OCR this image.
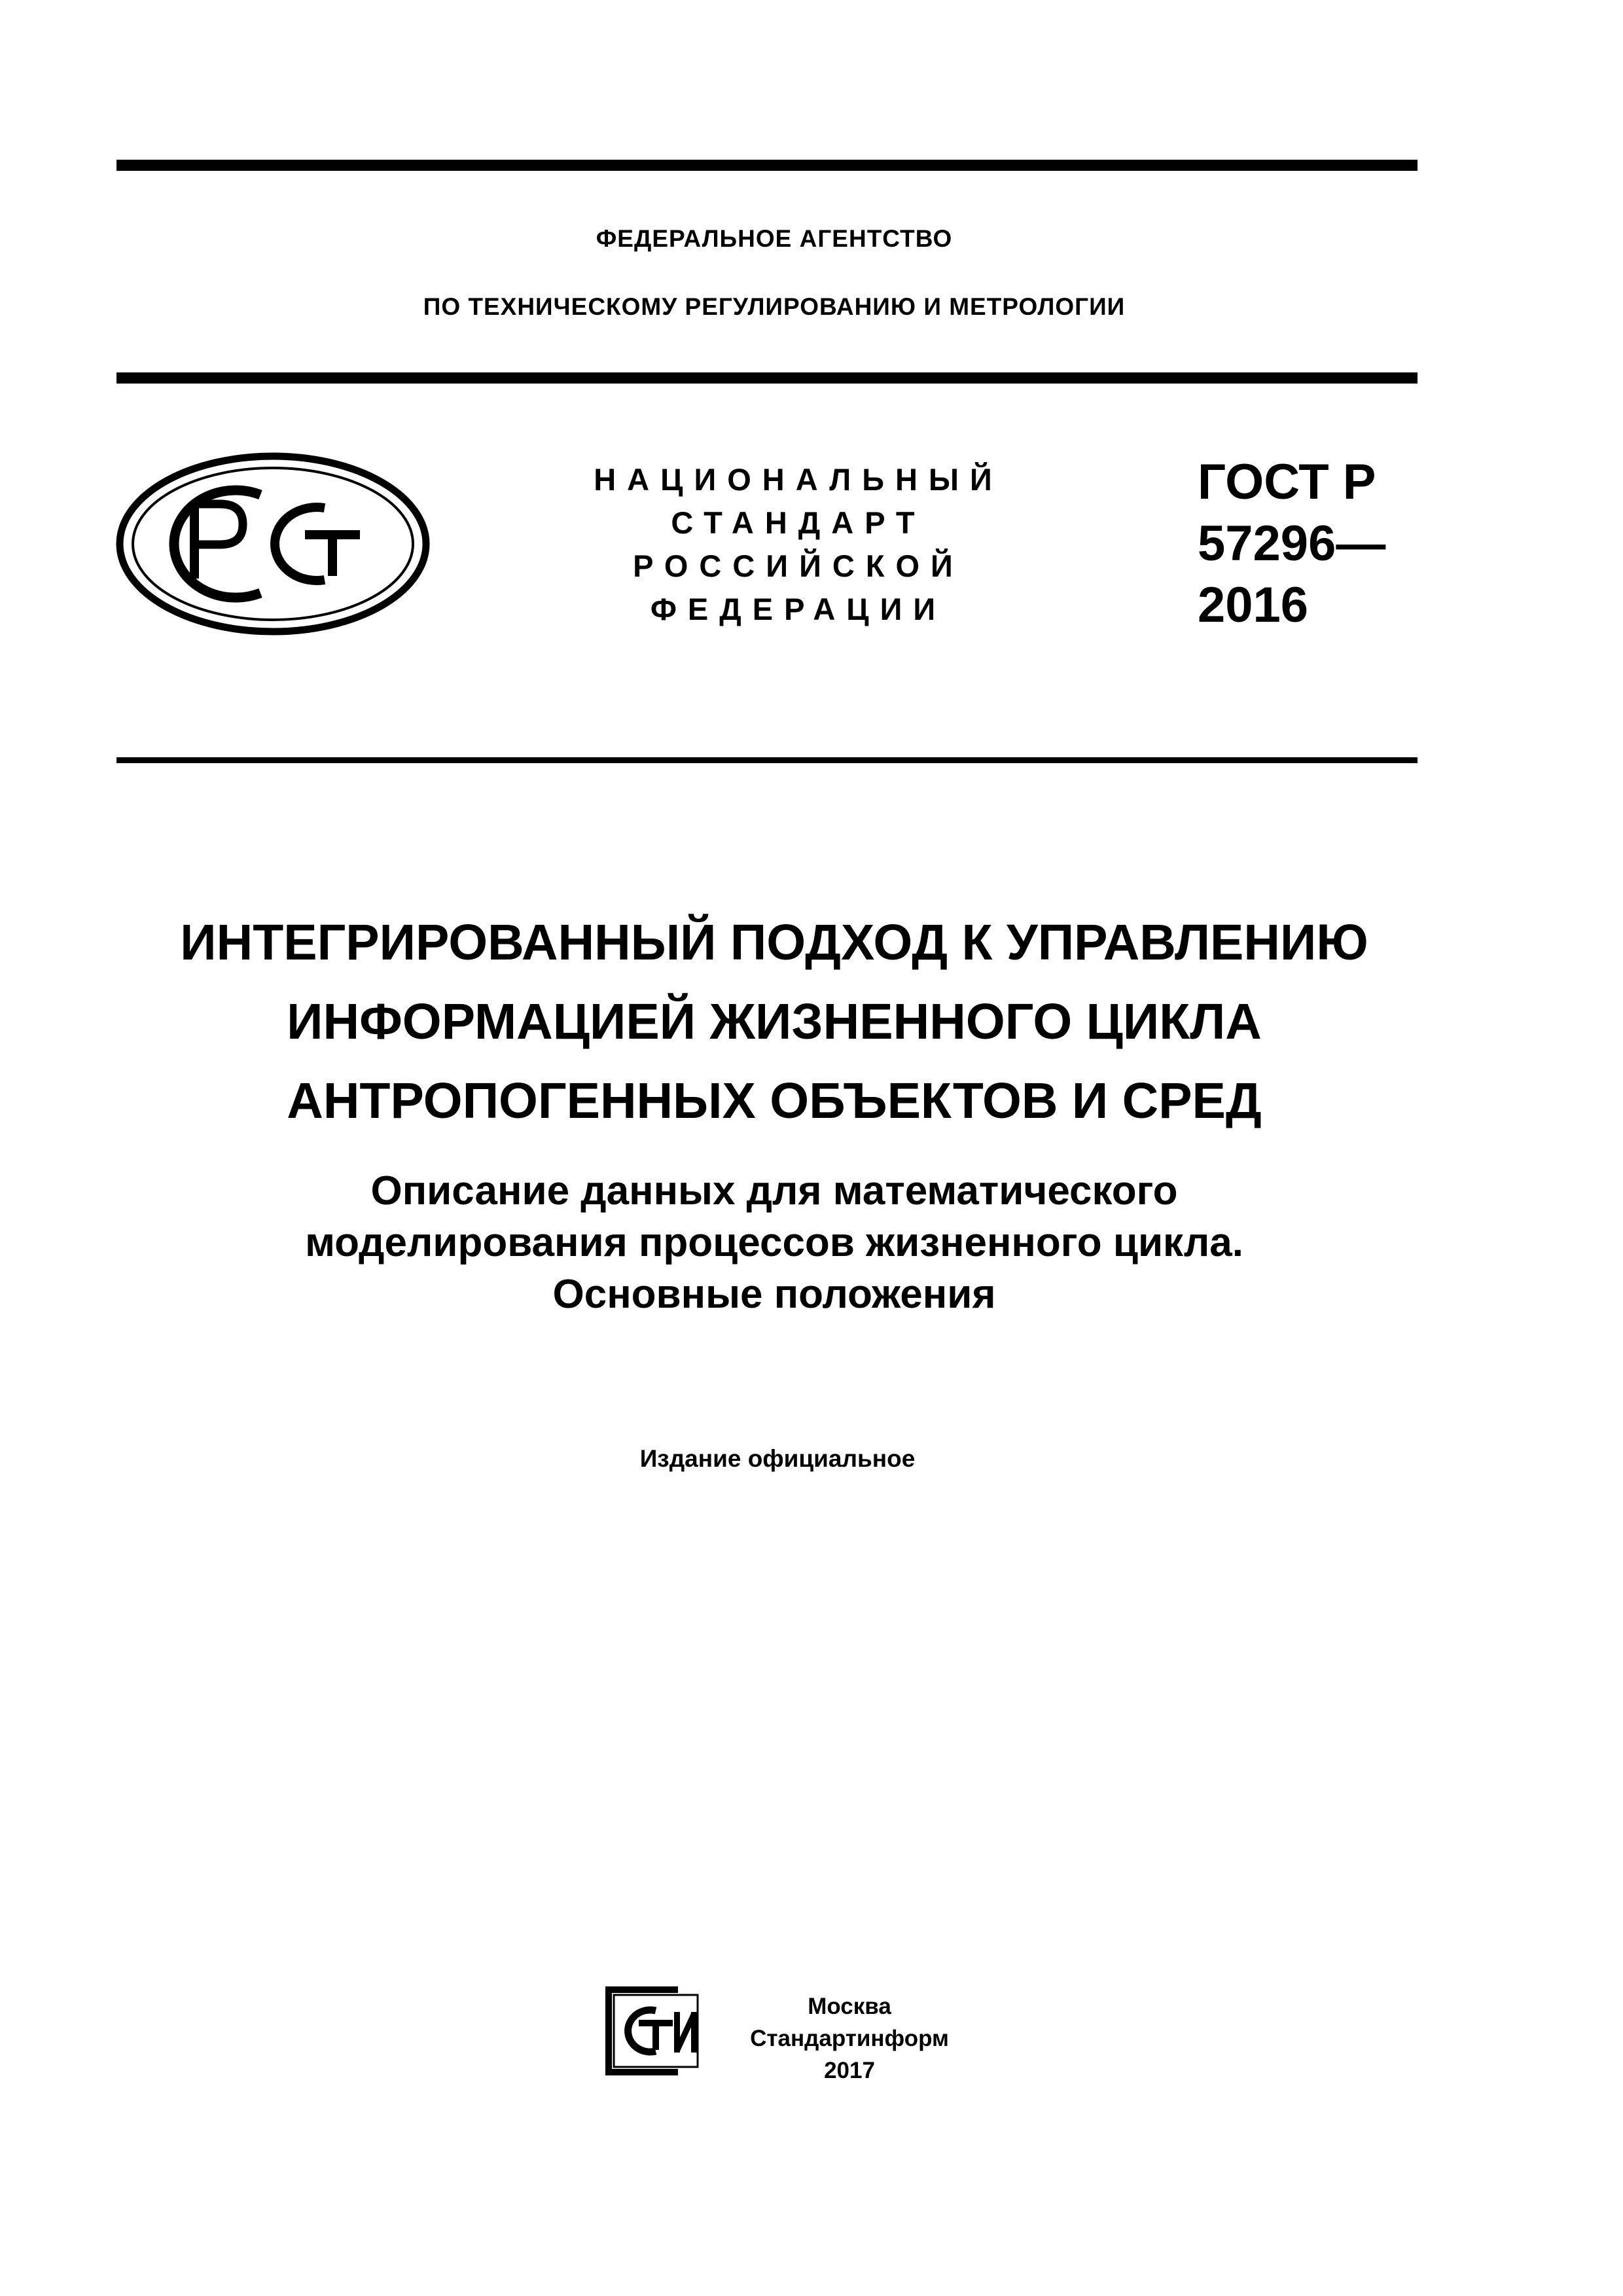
ФЕДЕРАЛЬНОЕ АГЕНТСТВО
ПО ТЕХНИЧЕСКОМУ РЕГУЛИРОВАНИЮ И МЕТРОЛОГИИ
НАЦИОНАЛЬНЫЙ
СТАНДАРТ
РОССИЙСКОЙ
ФЕДЕРАЦИИ
ГОСТ Р
57296—
2016
ИНТЕГРИРОВАННЫЙ ПОДХОД К УПРАВЛЕНИЮ
ИНФОРМАЦИЕЙ ЖИЗНЕННОГО ЦИКЛА
АНТРОПОГЕННЫХ ОБЪЕКТОВ И СРЕД
Описание данных для математического
моделирования процессов жизненного цикла.
Основные положения
Издание официальное
Москва
Стандартинформ
2017
